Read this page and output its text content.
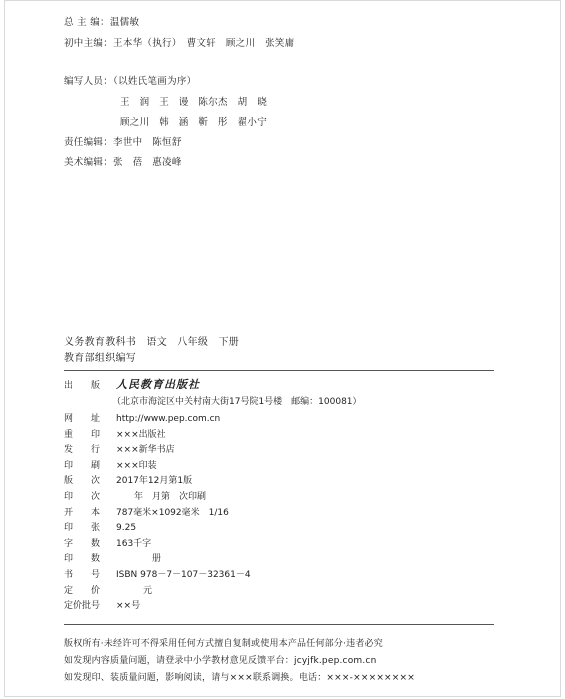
总 主 编：温儒敏
初中主编：王本华（执行）　曹文轩　顾之川　张笑庸
编写人员：（以姓氏笔画为序）
王　润　王　谩　陈尔杰　胡　晓
顾之川　韩　涵　靳　彤　翟小宁
责任编辑：李世中　陈恒舒
美术编辑：张　蓓　惠凌峰
义务教育教科书　语文　八年级　下册
教育部组织编写
出　　版 人民教育出版社
（北京市海淀区中关村南大街17号院1号楼　邮编：100081）
网　　址 http://www.pep.com.cn
重　　印 ×××出版社
发　　行 ×××新华书店
印　　刷 ×××印装
版　　次 2017年12月第1版
印　　次 　　年　月第　次印刷
开　　本 787毫米×1092毫米　1/16
印　　张 9.25
字　　数 163千字
印　　数 　　　　册
书　　号 ISBN 978－7－107－32361－4
定　　价 　　　元
定价批号 ××号
版权所有·未经许可不得采用任何方式擅自复制或使用本产品任何部分·违者必究
如发现内容质量问题，请登录中小学教材意见反馈平台：jcyjfk.pep.com.cn
如发现印、装质量问题，影响阅读，请与×××联系调换。电话：×××-××××××××
